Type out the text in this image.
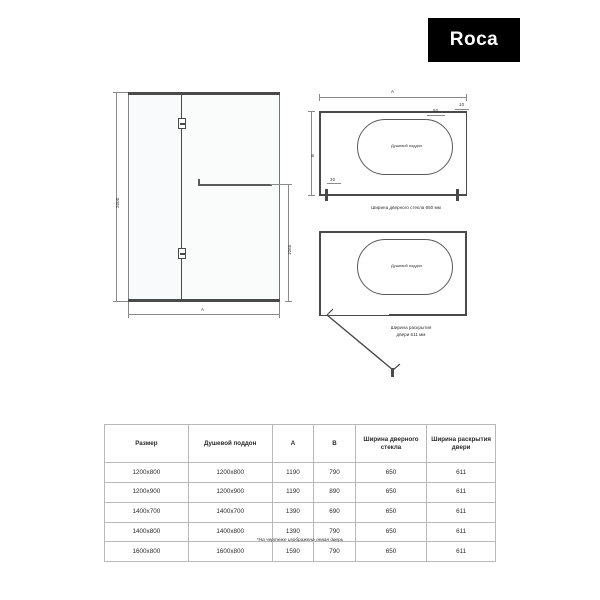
Roca
2000
1060
A
A
10
Душевой поддон
50
B
30
Ширина дверного стекла 650 мм
Душевой поддон
Ширина раскрытия
двери 611 мм
Размер	Душевой поддон	A	B	Ширина дверного стекла	Ширина раскрытия двери
1200х800	1200х800	1190	790	650	611
1200х900	1200х900	1190	890	650	611
1400х700	1400х700	1390	690	650	611
1400х800	1400х800	1390	790	650	611
1600х800	1600х800	1590	790	650	611
*На чертеже изображена левая дверь
